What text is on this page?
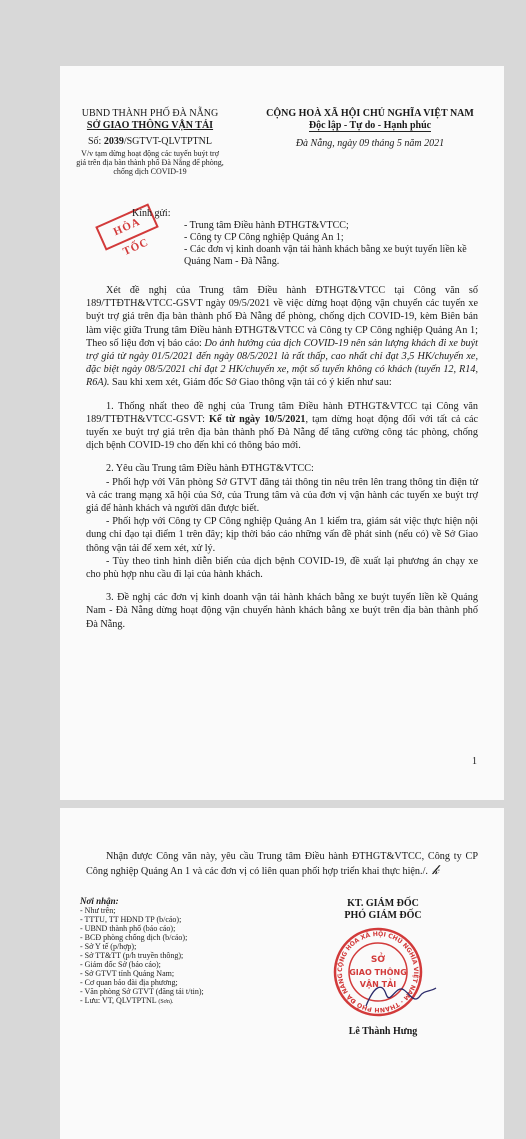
UBND THÀNH PHỐ ĐÀ NẴNG
SỞ GIAO THÔNG VẬN TẢI
Số: 2039/SGTVT-QLVTPTNL
V/v tạm dừng hoạt động các tuyến buýt trợ giá trên địa bàn thành phố Đà Nẵng để phòng, chống dịch COVID-19
CỘNG HOÀ XÃ HỘI CHỦ NGHĨA VIỆT NAM
Độc lập - Tự do - Hạnh phúc
Đà Nẵng, ngày 09 tháng 5 năm 2021
HỎA TỐC
Kính gửi:
- Trung tâm Điều hành ĐTHGT&VTCC;
- Công ty CP Công nghiệp Quảng An 1;
- Các đơn vị kinh doanh vận tải hành khách bằng xe buýt tuyến liền kề Quảng Nam - Đà Nẵng.

Xét đề nghị của Trung tâm Điều hành ĐTHGT&VTCC tại Công văn số 189/TTĐTH&VTCC-GSVT ngày 09/5/2021 về việc dừng hoạt động vận chuyển các tuyến xe buýt trợ giá trên địa bàn thành phố Đà Nẵng để phòng, chống dịch COVID-19, kèm Biên bản làm việc giữa Trung tâm Điều hành ĐTHGT&VTCC và Công ty CP Công nghiệp Quảng An 1; Theo số liệu đơn vị báo cáo: Do ảnh hưởng của dịch COVID-19 nên sản lượng khách đi xe buýt trợ giá từ ngày 01/5/2021 đến ngày 08/5/2021 là rất thấp, cao nhất chỉ đạt 3,5 HK/chuyến xe, đặc biệt ngày 08/5/2021 chỉ đạt 2 HK/chuyến xe, một số tuyến không có khách (tuyến 12, R14, R6A). Sau khi xem xét, Giám đốc Sở Giao thông vận tải có ý kiến như sau:

1. Thống nhất theo đề nghị của Trung tâm Điều hành ĐTHGT&VTCC tại Công văn 189/TTĐTH&VTCC-GSVT: Kể từ ngày 10/5/2021, tạm dừng hoạt động đối với tất cả các tuyến xe buýt trợ giá trên địa bàn thành phố Đà Nẵng để tăng cường công tác phòng, chống dịch bệnh COVID-19 cho đến khi có thông báo mới.

2. Yêu cầu Trung tâm Điều hành ĐTHGT&VTCC:

- Phối hợp với Văn phòng Sở GTVT đăng tải thông tin nêu trên lên trang thông tin điện tử và các trang mạng xã hội của Sở, của Trung tâm và của đơn vị vận hành các tuyến xe buýt trợ giá để hành khách và người dân được biết.

- Phối hợp với Công ty CP Công nghiệp Quảng An 1 kiểm tra, giám sát việc thực hiện nội dung chỉ đạo tại điểm 1 trên đây; kịp thời báo cáo những vấn đề phát sinh (nếu có) về Sở Giao thông vận tải để xem xét, xử lý.

- Tùy theo tình hình diễn biến của dịch bệnh COVID-19, đề xuất lại phương án chạy xe cho phù hợp nhu cầu đi lại của hành khách.

3. Đề nghị các đơn vị kinh doanh vận tải hành khách bằng xe buýt tuyến liền kề Quảng Nam - Đà Nẵng dừng hoạt động vận chuyển hành khách bằng xe buýt trên địa bàn thành phố Đà Nẵng.

1

Nhận được Công văn này, yêu cầu Trung tâm Điều hành ĐTHGT&VTCC, Công ty CP Công nghiệp Quảng An 1 và các đơn vị có liên quan phối hợp triển khai thực hiện./. 𝓀

Nơi nhận:
- Như trên;
- TTTU, TT HĐND TP (b/cáo);
- UBND thành phố (báo cáo);
- BCĐ phòng chống dịch (b/cáo);
- Sở Y tế (p/hợp);
- Sở TT&TT (p/h truyền thông);
- Giám đốc Sở (báo cáo);
- Sở GTVT tỉnh Quảng Nam;
- Cơ quan báo đài địa phương;
- Văn phòng Sở GTVT (đăng tải t/tin);
- Lưu: VT, QLVTPTNL (Sơn).
KT. GIÁM ĐỐC
PHÓ GIÁM ĐỐC
CỘNG HÒA XÃ HỘI CHỦ NGHĨA VIỆT NAM · THÀNH PHỐ ĐÀ NẴNG
SỞ
GIAO THÔNG
VẬN TẢI
Lê Thành Hưng
